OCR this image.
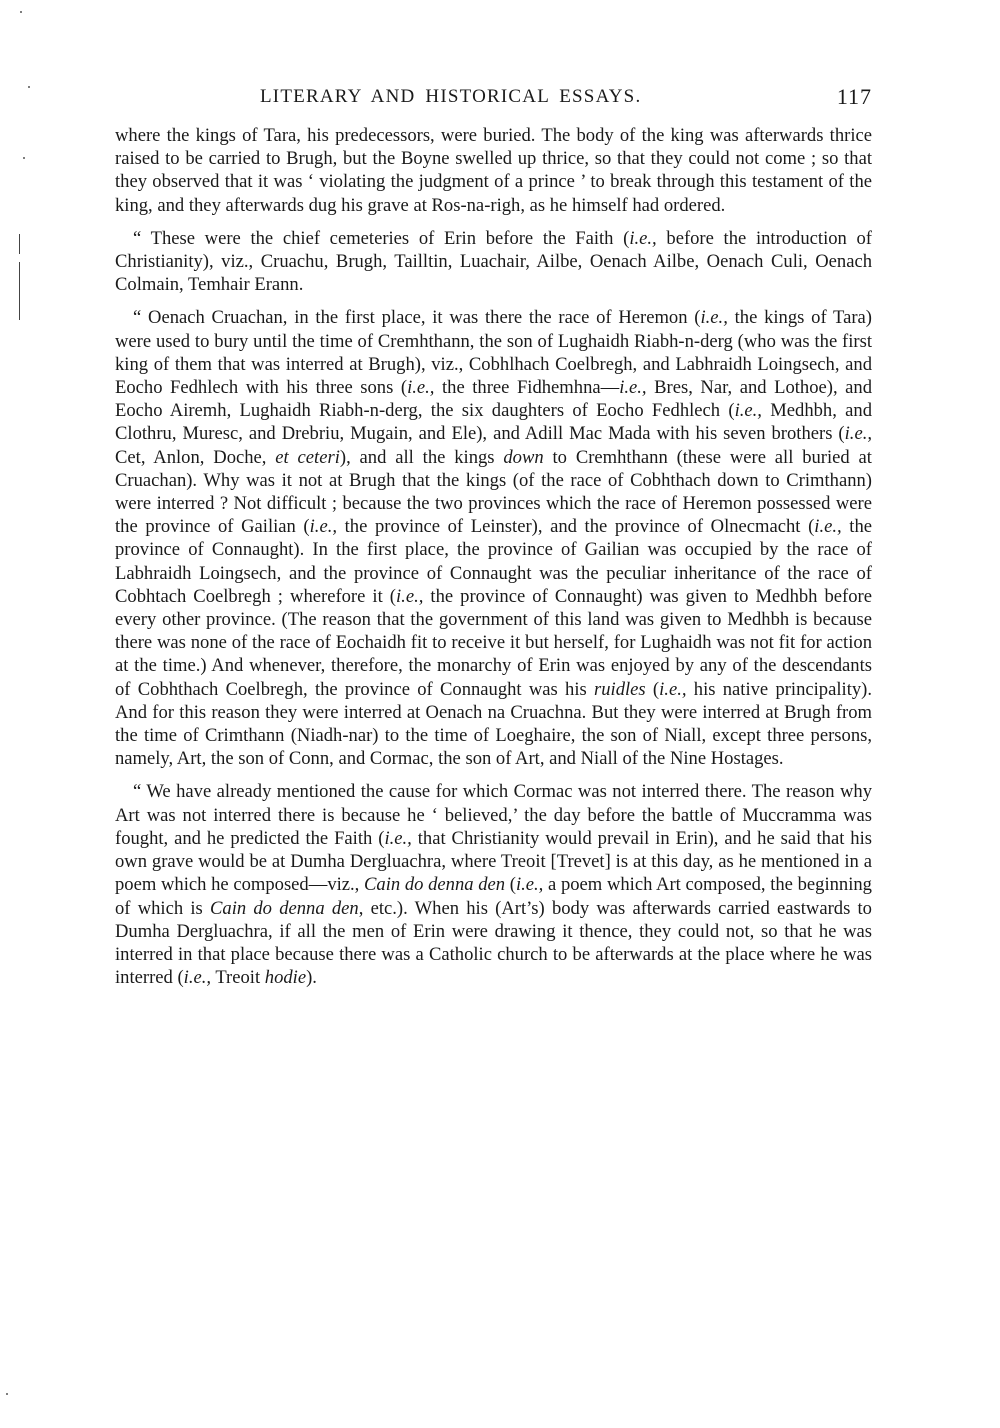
LITERARY AND HISTORICAL ESSAYS.	117

where the kings of Tara, his predecessors, were buried. The body of the king was afterwards thrice raised to be carried to Brugh, but the Boyne swelled up thrice, so that they could not come ; so that they observed that it was ‘ violating the judgment of a prince ’ to break through this testament of the king, and they afterwards dug his grave at Ros-na-righ, as he himself had ordered.

“ These were the chief cemeteries of Erin before the Faith (i.e., before the introduction of Christianity), viz., Cruachu, Brugh, Tailltin, Luachair, Ailbe, Oenach Ailbe, Oenach Culi, Oenach Colmain, Temhair Erann.

“ Oenach Cruachan, in the first place, it was there the race of Heremon (i.e., the kings of Tara) were used to bury until the time of Cremhthann, the son of Lughaidh Riabh-n-derg (who was the first king of them that was interred at Brugh), viz., Cobhlhach Coelbregh, and Labhraidh Loingsech, and Eocho Fedhlech with his three sons (i.e., the three Fidhemhna—i.e., Bres, Nar, and Lothoe), and Eocho Airemh, Lughaidh Riabh-n-derg, the six daughters of Eocho Fedhlech (i.e., Medhbh, and Clothru, Muresc, and Drebriu, Mugain, and Ele), and Adill Mac Mada with his seven brothers (i.e., Cet, Anlon, Doche, et ceteri), and all the kings down to Cremhthann (these were all buried at Cruachan). Why was it not at Brugh that the kings (of the race of Cobhthach down to Crimthann) were interred ? Not difficult ; because the two provinces which the race of Heremon possessed were the province of Gailian (i.e., the province of Leinster), and the province of Olnecmacht (i.e., the province of Connaught). In the first place, the province of Gailian was occupied by the race of Labhraidh Loingsech, and the province of Connaught was the peculiar inheritance of the race of Cobhtach Coelbregh ; wherefore it (i.e., the province of Connaught) was given to Medhbh before every other province. (The reason that the government of this land was given to Medhbh is because there was none of the race of Eochaidh fit to receive it but herself, for Lughaidh was not fit for action at the time.) And whenever, therefore, the monarchy of Erin was enjoyed by any of the descendants of Cobhthach Coelbregh, the province of Connaught was his ruidles (i.e., his native principality). And for this reason they were interred at Oenach na Cruachna. But they were interred at Brugh from the time of Crimthann (Niadh-nar) to the time of Loeghaire, the son of Niall, except three persons, namely, Art, the son of Conn, and Cormac, the son of Art, and Niall of the Nine Hostages.

“ We have already mentioned the cause for which Cormac was not interred there. The reason why Art was not interred there is because he ‘ believed,’ the day before the battle of Muccramma was fought, and he predicted the Faith (i.e., that Christianity would prevail in Erin), and he said that his own grave would be at Dumha Dergluachra, where Treoit [Trevet] is at this day, as he mentioned in a poem which he composed—viz., Cain do denna den (i.e., a poem which Art composed, the beginning of which is Cain do denna den, etc.). When his (Art’s) body was afterwards carried eastwards to Dumha Dergluachra, if all the men of Erin were drawing it thence, they could not, so that he was interred in that place because there was a Catholic church to be afterwards at the place where he was interred (i.e., Treoit hodie).
